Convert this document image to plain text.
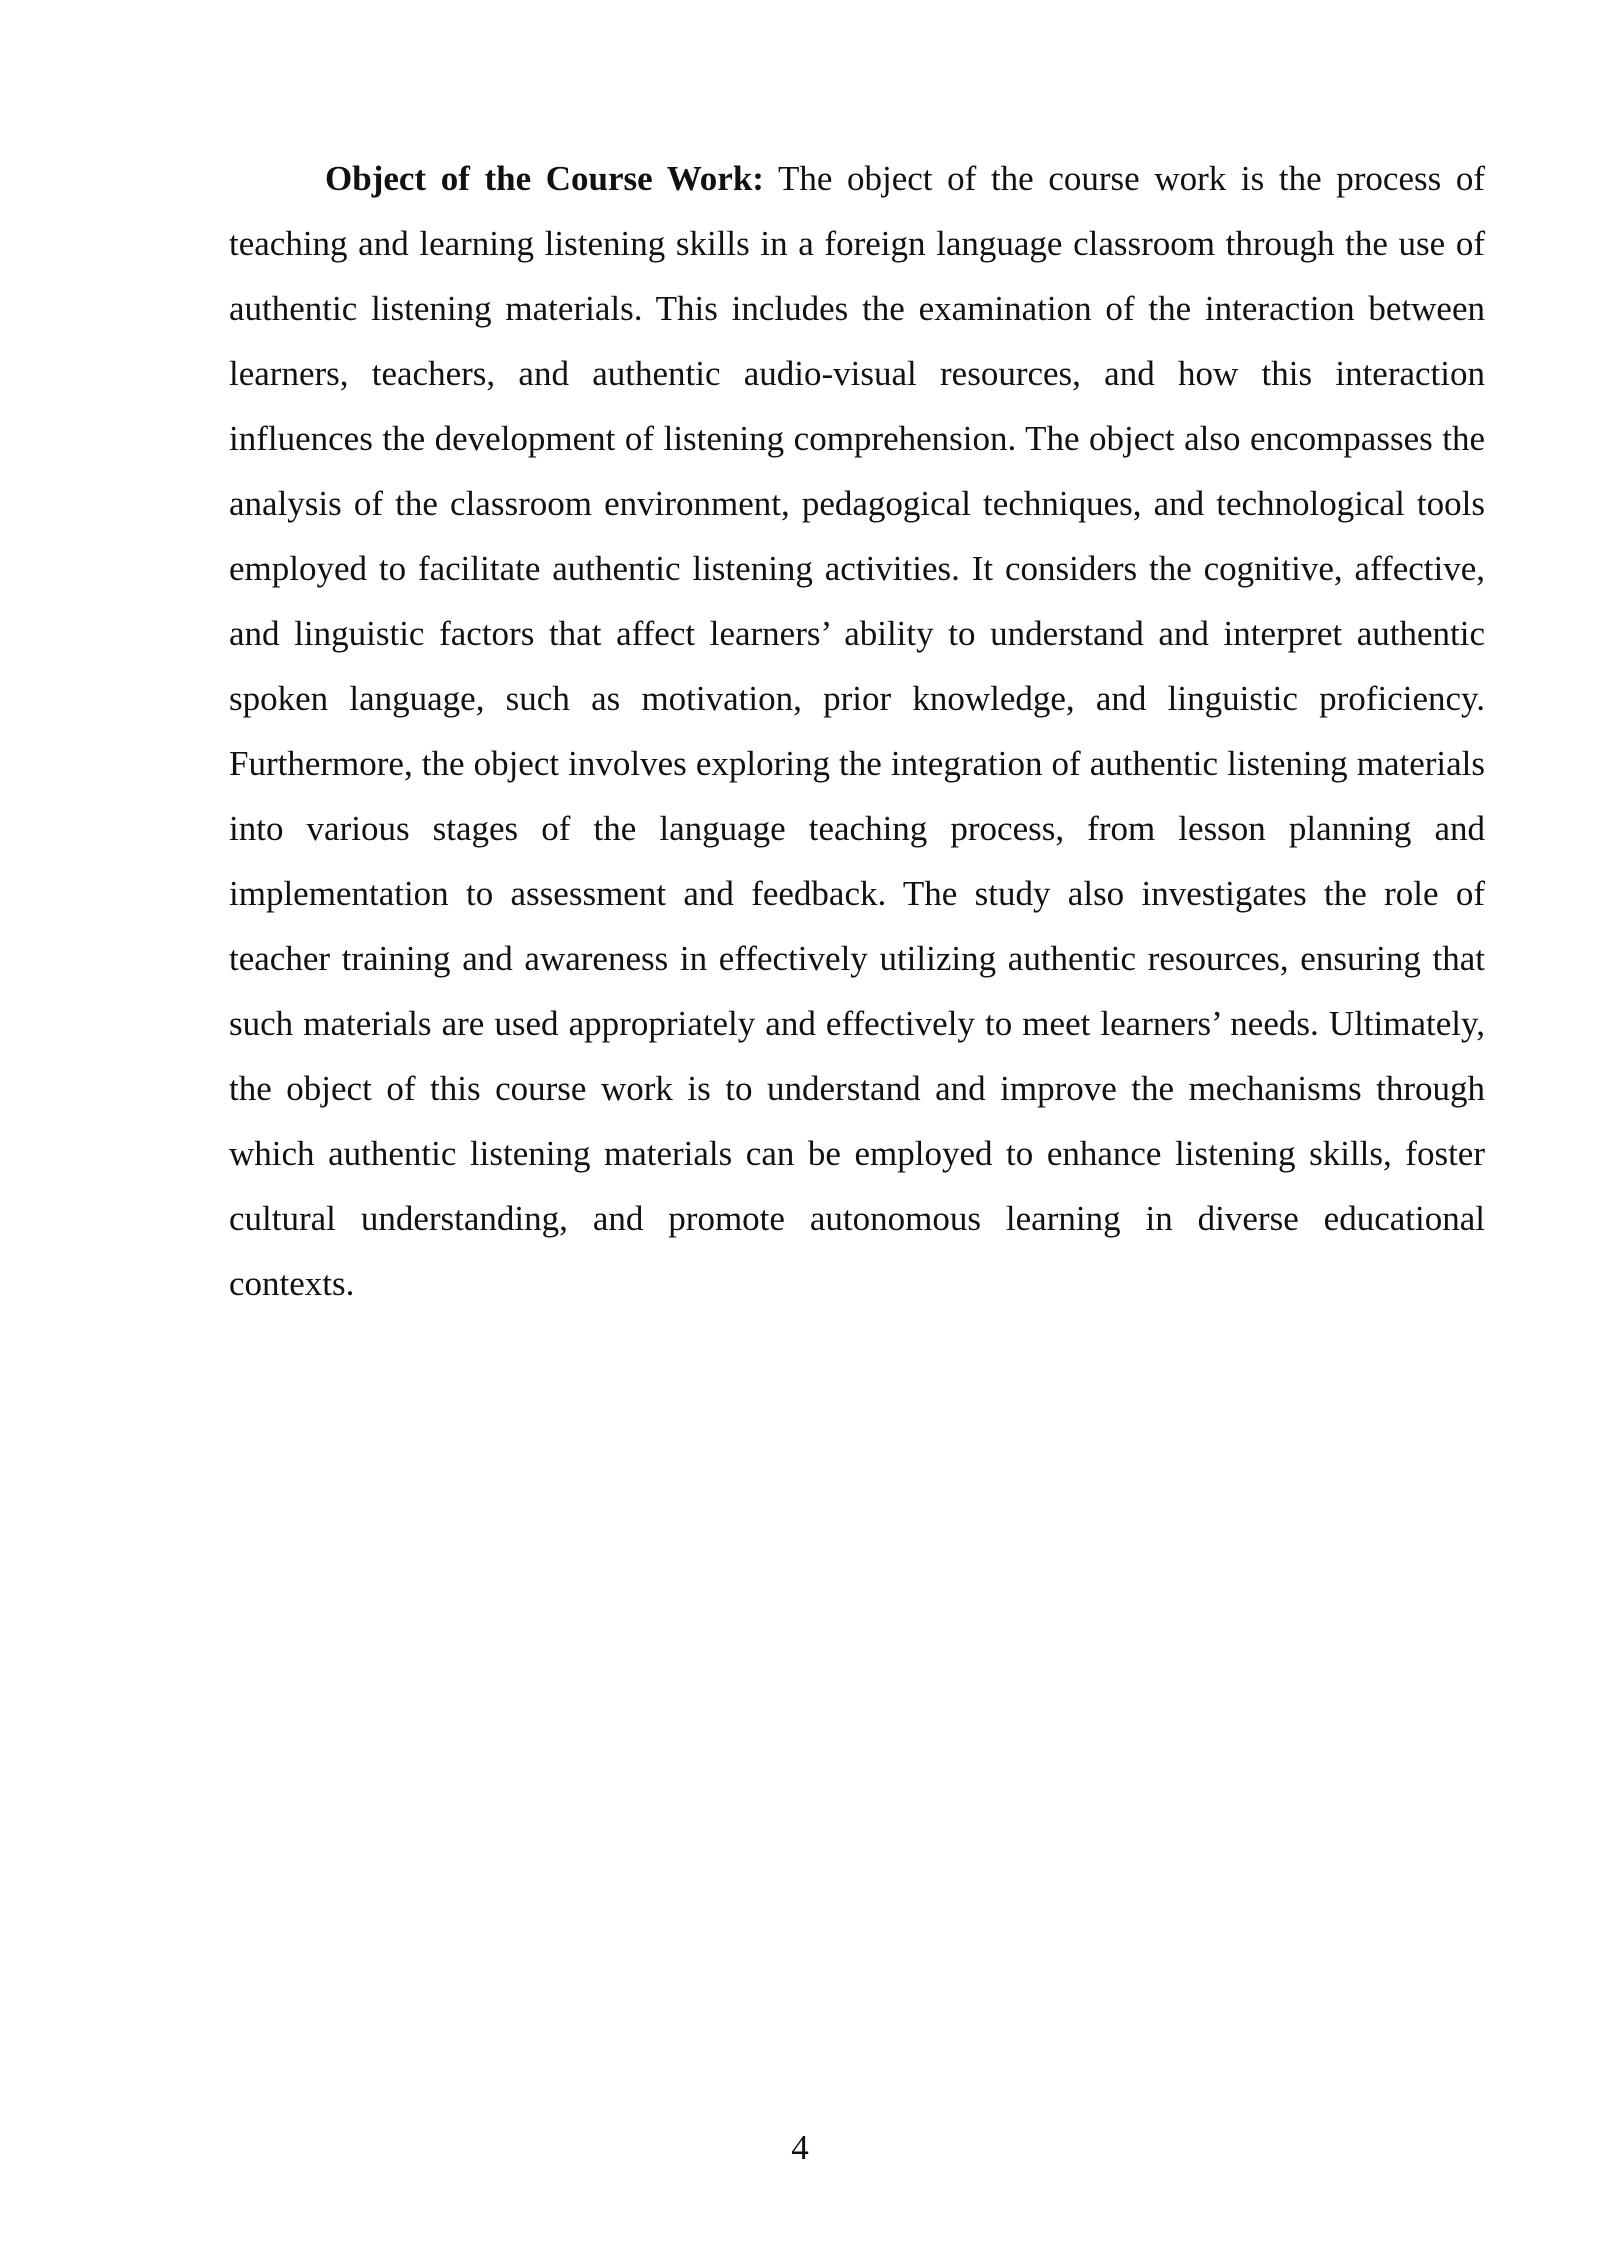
Object of the Course Work: The object of the course work is the process of teaching and learning listening skills in a foreign language classroom through the use of authentic listening materials. This includes the examination of the interaction between learners, teachers, and authentic audio-visual resources, and how this interaction influences the development of listening comprehension. The object also encompasses the analysis of the classroom environment, pedagogical techniques, and technological tools employed to facilitate authentic listening activities. It considers the cognitive, affective, and linguistic factors that affect learners’ ability to understand and interpret authentic spoken language, such as motivation, prior knowledge, and linguistic proficiency. Furthermore, the object involves exploring the integration of authentic listening materials into various stages of the language teaching process, from lesson planning and implementation to assessment and feedback. The study also investigates the role of teacher training and awareness in effectively utilizing authentic resources, ensuring that such materials are used appropriately and effectively to meet learners’ needs. Ultimately, the object of this course work is to understand and improve the mechanisms through which authentic listening materials can be employed to enhance listening skills, foster cultural understanding, and promote autonomous learning in diverse educational contexts.

4
